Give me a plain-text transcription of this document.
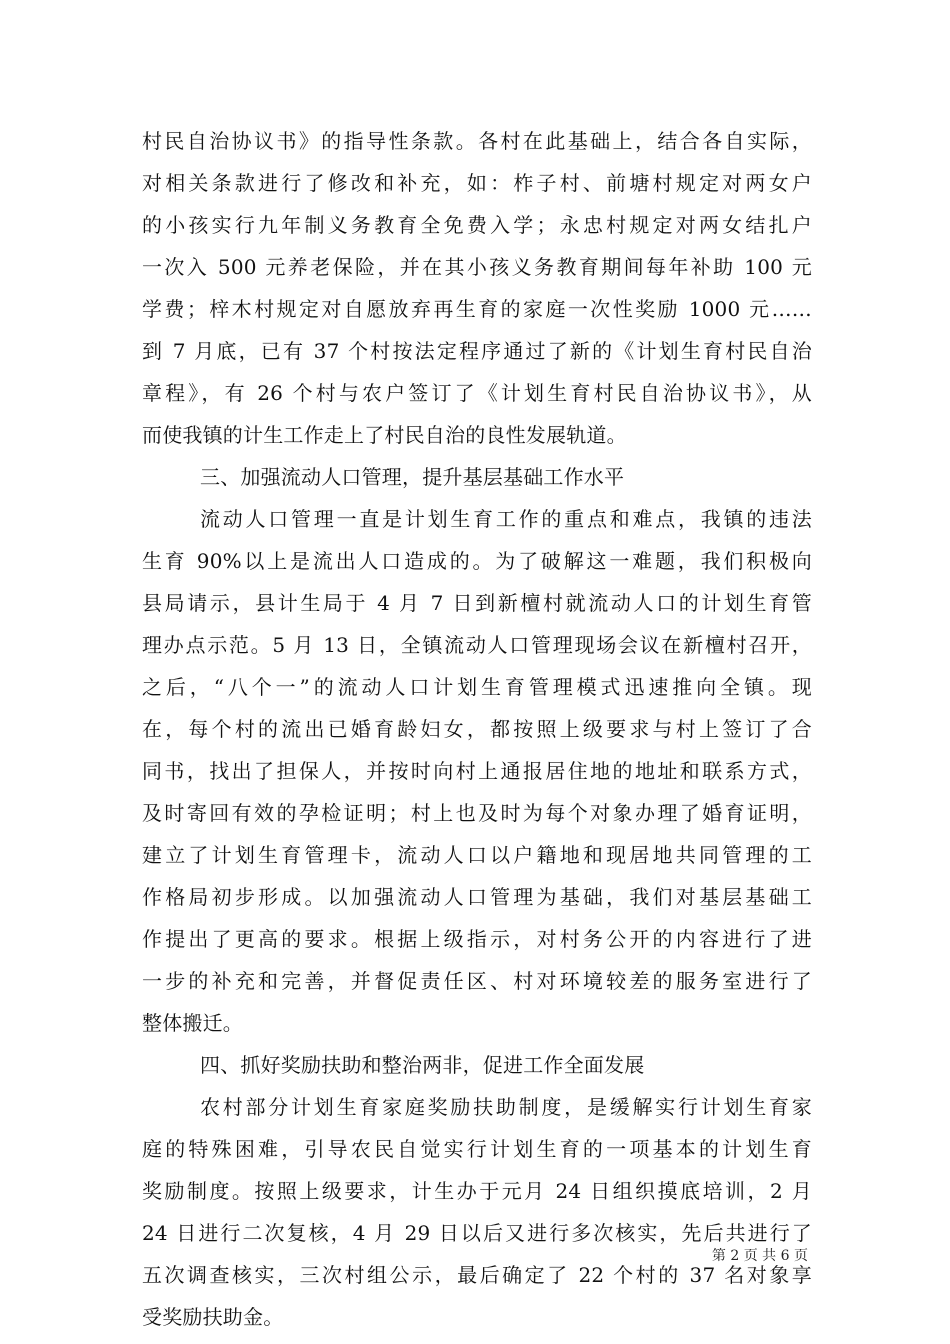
村民自治协议书》的指导性条款。各村在此基础上，结合各自实际，
对相关条款进行了修改和补充，如：柞子村、前塘村规定对两女户
的小孩实行九年制义务教育全免费入学；永忠村规定对两女结扎户
一次入 500 元养老保险，并在其小孩义务教育期间每年补助 100 元
学费；梓木村规定对自愿放弃再生育的家庭一次性奖励 1000 元……
到 7 月底，已有 37 个村按法定程序通过了新的《计划生育村民自治
章程》，有 26 个村与农户签订了《计划生育村民自治协议书》，从
而使我镇的计生工作走上了村民自治的良性发展轨道。
三、加强流动人口管理，提升基层基础工作水平
流动人口管理一直是计划生育工作的重点和难点，我镇的违法
生育 90%以上是流出人口造成的。为了破解这一难题，我们积极向
县局请示，县计生局于 4 月 7 日到新檀村就流动人口的计划生育管
理办点示范。5 月 13 日，全镇流动人口管理现场会议在新檀村召开，
之后，“八个一”的流动人口计划生育管理模式迅速推向全镇。现
在，每个村的流出已婚育龄妇女，都按照上级要求与村上签订了合
同书，找出了担保人，并按时向村上通报居住地的地址和联系方式，
及时寄回有效的孕检证明；村上也及时为每个对象办理了婚育证明，
建立了计划生育管理卡，流动人口以户籍地和现居地共同管理的工
作格局初步形成。以加强流动人口管理为基础，我们对基层基础工
作提出了更高的要求。根据上级指示，对村务公开的内容进行了进
一步的补充和完善，并督促责任区、村对环境较差的服务室进行了
整体搬迁。
四、抓好奖励扶助和整治两非，促进工作全面发展
农村部分计划生育家庭奖励扶助制度，是缓解实行计划生育家
庭的特殊困难，引导农民自觉实行计划生育的一项基本的计划生育
奖励制度。按照上级要求，计生办于元月 24 日组织摸底培训，2 月
24 日进行二次复核，4 月 29 日以后又进行多次核实，先后共进行了
五次调查核实，三次村组公示，最后确定了 22 个村的 37 名对象享
受奖励扶助金。
第 2 页 共 6 页
